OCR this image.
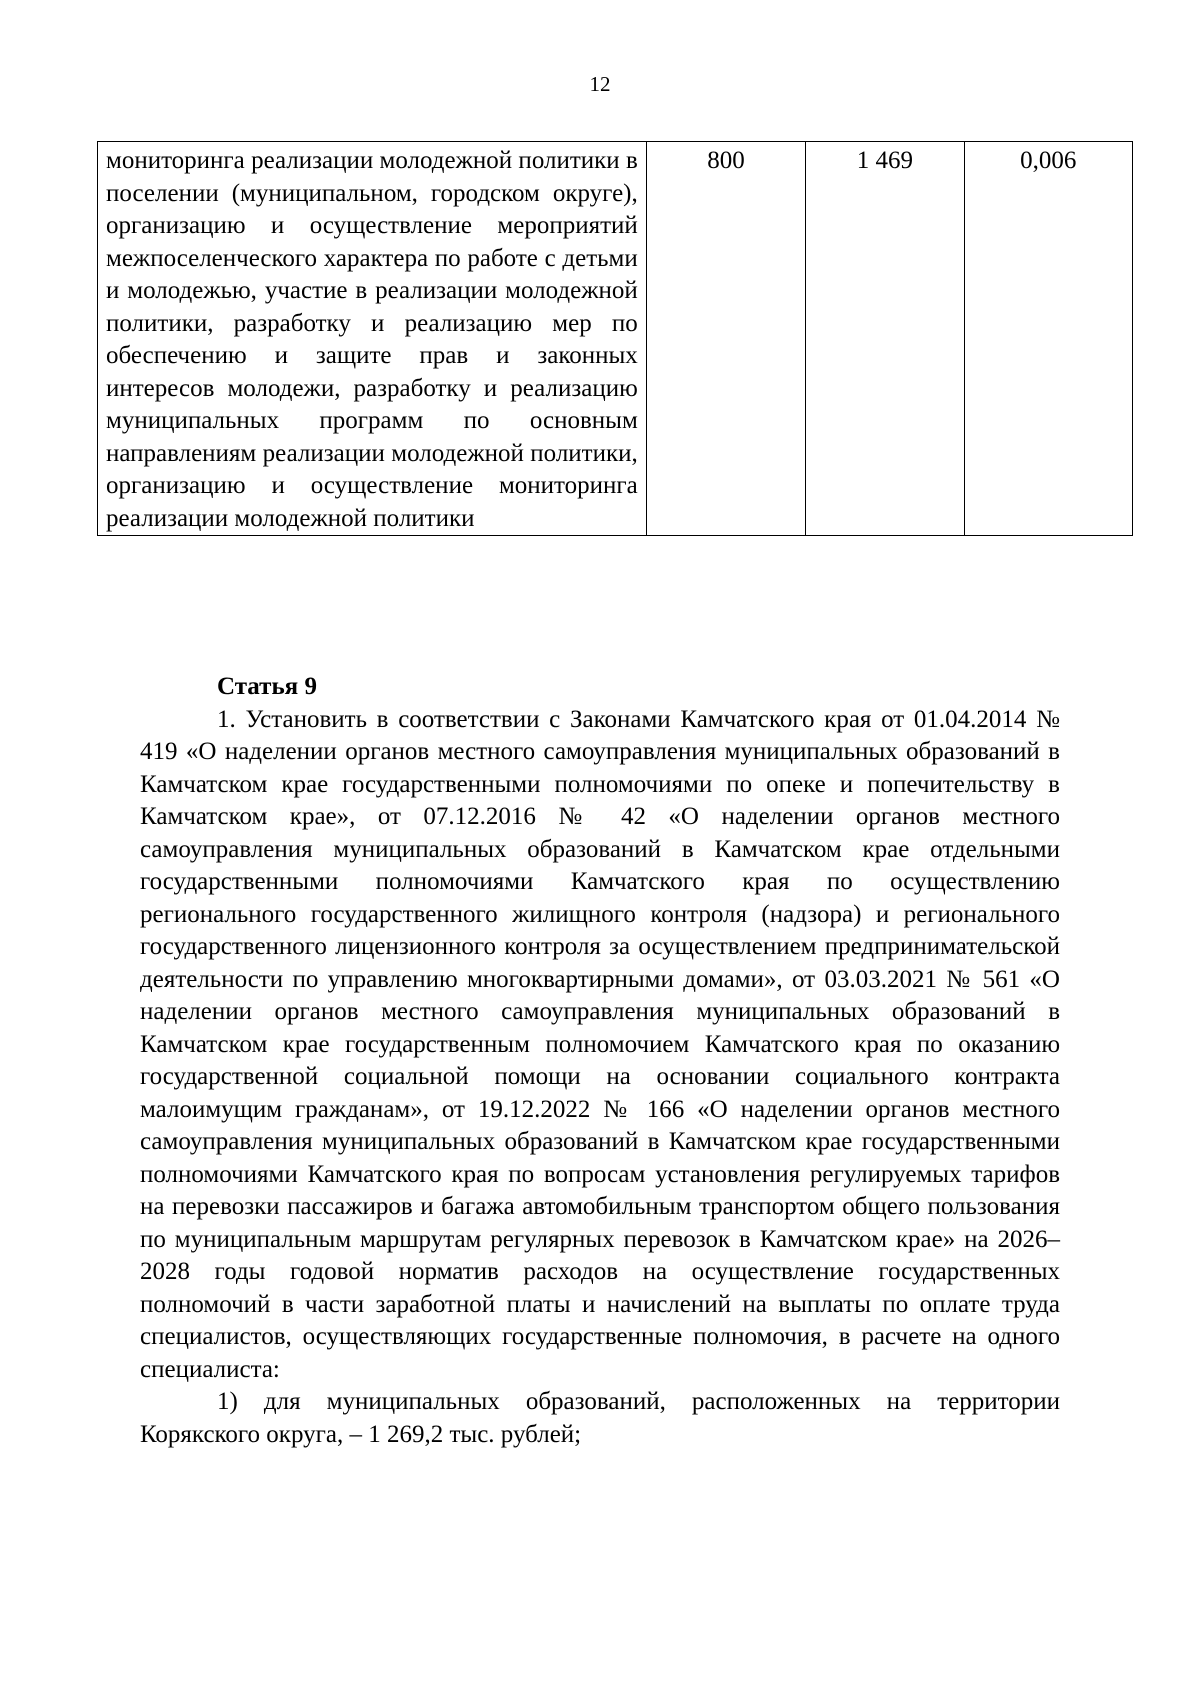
12
мониторинга реализации молодежной политики в поселении (муниципальном, городском округе), организацию и осуществление мероприятий межпоселенческого характера по работе с детьми и молодежью, участие в реализации молодежной политики, разработку и реализацию мер по обеспечению и защите прав и законных интересов молодежи, разработку и реализацию муниципальных программ по основным направлениям реализации молодежной политики, организацию и осуществление мониторинга реализации молодежной политики	800	1 469	0,006
Статья 9

1. Установить в соответствии с Законами Камчатского края от 01.04.2014 № 419 «О наделении органов местного самоуправления муниципальных образований в Камчатском крае государственными полномочиями по опеке и попечительству в Камчатском крае», от 07.12.2016 № 42 «О наделении органов местного самоуправления муниципальных образований в Камчатском крае отдельными государственными полномочиями Камчатского края по осуществлению регионального государственного жилищного контроля (надзора) и регионального государственного лицензионного контроля за осуществлением предпринимательской деятельности по управлению многоквартирными домами», от 03.03.2021 № 561 «О наделении органов местного самоуправления муниципальных образований в Камчатском крае государственным полномочием Камчатского края по оказанию государственной социальной помощи на основании социального контракта малоимущим гражданам», от 19.12.2022 № 166 «О наделении органов местного самоуправления муниципальных образований в Камчатском крае государственными полномочиями Камчатского края по вопросам установления регулируемых тарифов на перевозки пассажиров и багажа автомобильным транспортом общего пользования по муниципальным маршрутам регулярных перевозок в Камчатском крае» на 2026–2028 годы годовой норматив расходов на осуществление государственных полномочий в части заработной платы и начислений на выплаты по оплате труда специалистов, осуществляющих государственные полномочия, в расчете на одного специалиста:

1) для муниципальных образований, расположенных на территории Корякского округа, – 1 269,2 тыс. рублей;
